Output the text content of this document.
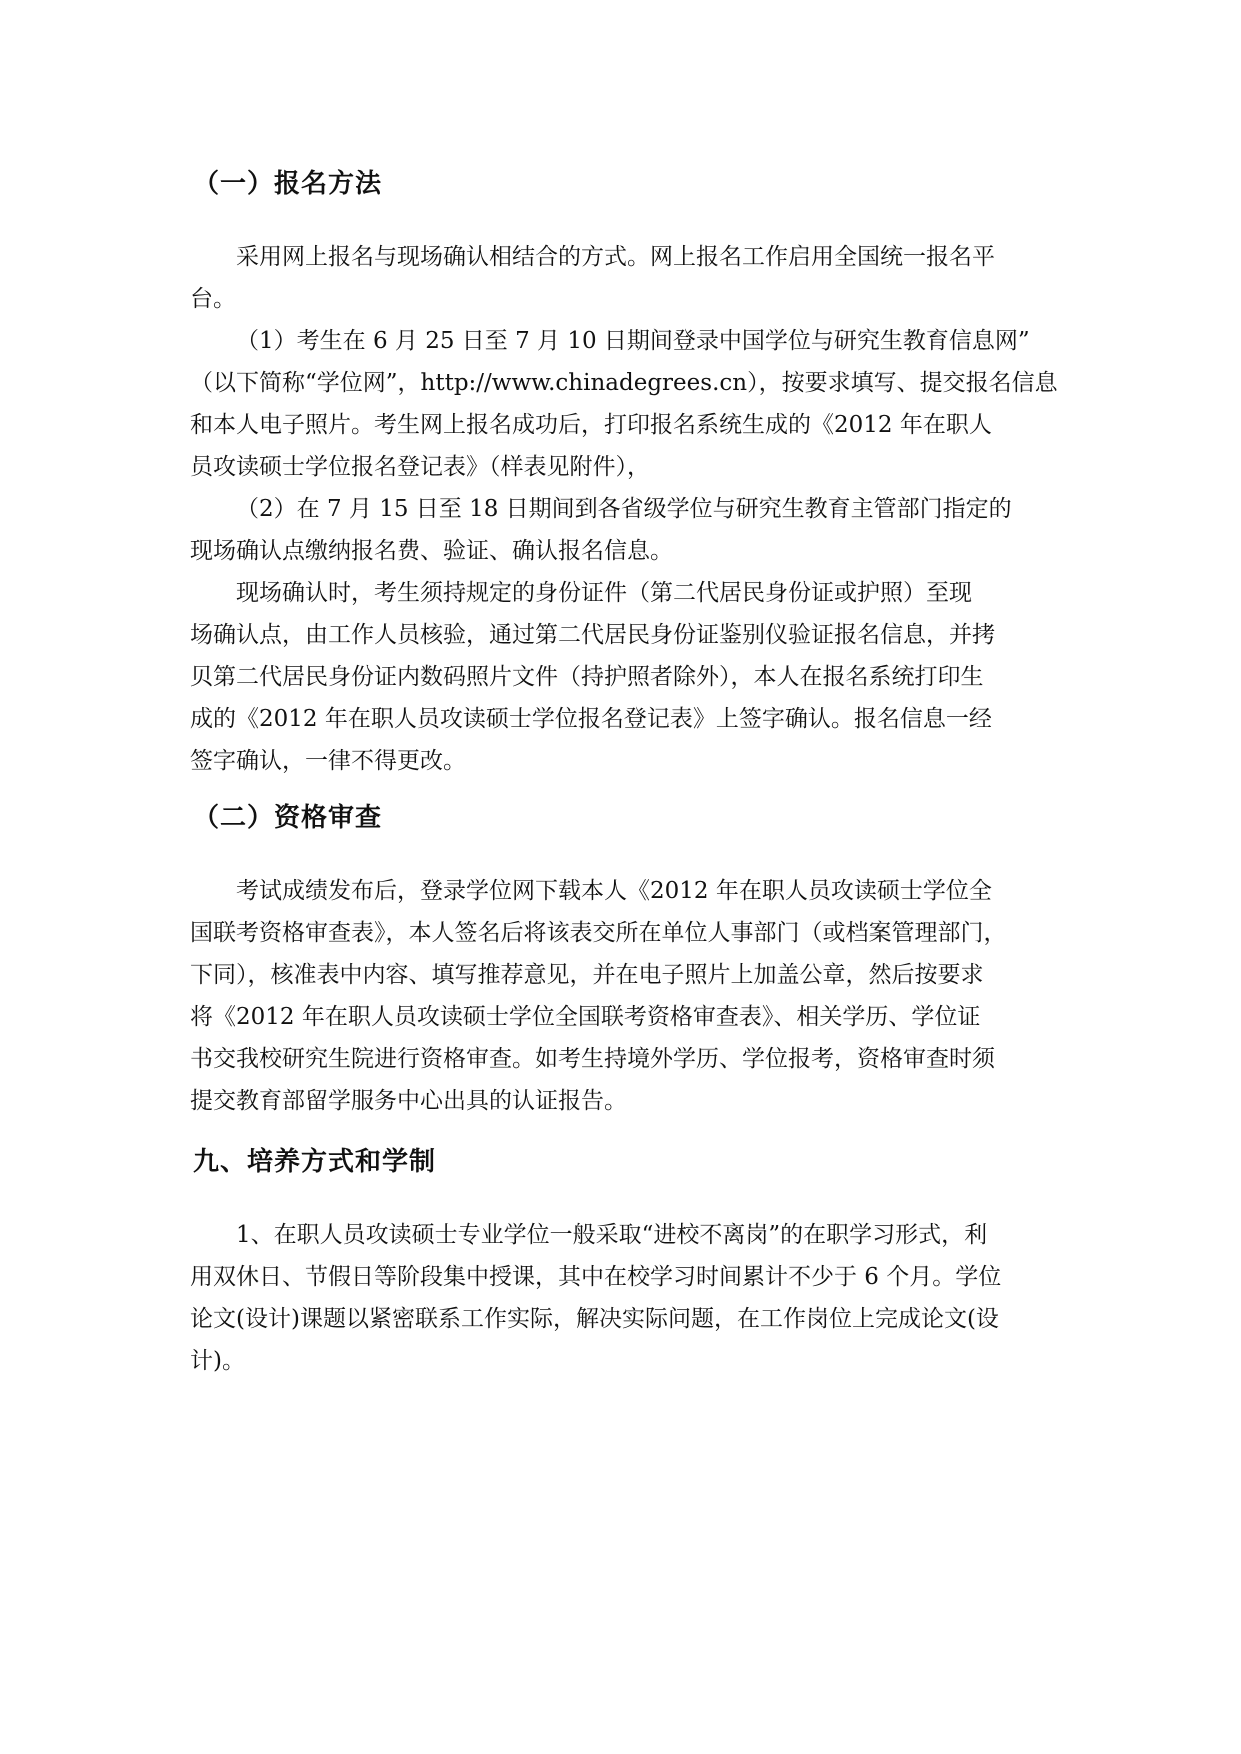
（一）报名方法
采用网上报名与现场确认相结合的方式。网上报名工作启用全国统一报名平
台。
（1）考生在 6 月 25 日至 7 月 10 日期间登录中国学位与研究生教育信息网”
（以下简称“学位网”，http://www.chinadegrees.cn），按要求填写、提交报名信息
和本人电子照片。考生网上报名成功后，打印报名系统生成的《2012 年在职人
员攻读硕士学位报名登记表》（样表见附件），
（2）在 7 月 15 日至 18 日期间到各省级学位与研究生教育主管部门指定的
现场确认点缴纳报名费、验证、确认报名信息。
现场确认时，考生须持规定的身份证件（第二代居民身份证或护照）至现
场确认点，由工作人员核验，通过第二代居民身份证鉴别仪验证报名信息，并拷
贝第二代居民身份证内数码照片文件（持护照者除外），本人在报名系统打印生
成的《2012 年在职人员攻读硕士学位报名登记表》上签字确认。报名信息一经
签字确认，一律不得更改。
（二）资格审查
考试成绩发布后，登录学位网下载本人《2012 年在职人员攻读硕士学位全
国联考资格审查表》，本人签名后将该表交所在单位人事部门（或档案管理部门，
下同），核准表中内容、填写推荐意见，并在电子照片上加盖公章，然后按要求
将《2012 年在职人员攻读硕士学位全国联考资格审查表》、相关学历、学位证
书交我校研究生院进行资格审查。如考生持境外学历、学位报考，资格审查时须
提交教育部留学服务中心出具的认证报告。
九、培养方式和学制
1、在职人员攻读硕士专业学位一般采取“进校不离岗”的在职学习形式，利
用双休日、节假日等阶段集中授课，其中在校学习时间累计不少于 6 个月。学位
论文(设计)课题以紧密联系工作实际，解决实际问题，在工作岗位上完成论文(设
计)。
